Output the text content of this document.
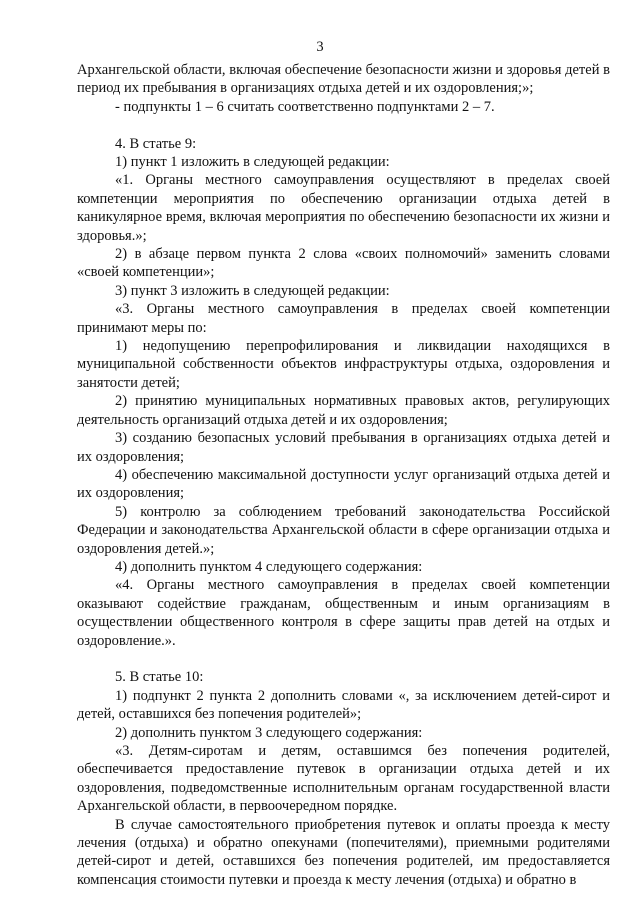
3

Архангельской области, включая обеспечение безопасности жизни и здоровья детей в период их пребывания в организациях отдыха детей и их оздоровления;»;

- подпункты 1 – 6 считать соответственно подпунктами 2 – 7.

4. В статье 9:

1) пункт 1 изложить в следующей редакции:

«1. Органы местного самоуправления осуществляют в пределах своей компетенции мероприятия по обеспечению организации отдыха детей в каникулярное время, включая мероприятия по обеспечению безопасности их жизни и здоровья.»;

2) в абзаце первом пункта 2 слова «своих полномочий» заменить словами «своей компетенции»;

3) пункт 3 изложить в следующей редакции:

«3. Органы местного самоуправления в пределах своей компетенции принимают меры по:

1) недопущению перепрофилирования и ликвидации находящихся в муниципальной собственности объектов инфраструктуры отдыха, оздоровления и занятости детей;

2) принятию муниципальных нормативных правовых актов, регулирующих деятельность организаций отдыха детей и их оздоровления;

3) созданию безопасных условий пребывания в организациях отдыха детей и их оздоровления;

4) обеспечению максимальной доступности услуг организаций отдыха детей и их оздоровления;

5) контролю за соблюдением требований законодательства Российской Федерации и законодательства Архангельской области в сфере организации отдыха и оздоровления детей.»;

4) дополнить пунктом 4 следующего содержания:

«4. Органы местного самоуправления в пределах своей компетенции оказывают содействие гражданам, общественным и иным организациям в осуществлении общественного контроля в сфере защиты прав детей на отдых и оздоровление.».

5. В статье 10:

1) подпункт 2 пункта 2 дополнить словами «, за исключением детей-сирот и детей, оставшихся без попечения родителей»;

2) дополнить пунктом 3 следующего содержания:

«3. Детям-сиротам и детям, оставшимся без попечения родителей, обеспечивается предоставление путевок в организации отдыха детей и их оздоровления, подведомственные исполнительным органам государственной власти Архангельской области, в первоочередном порядке.

В случае самостоятельного приобретения путевок и оплаты проезда к месту лечения (отдыха) и обратно опекунами (попечителями), приемными родителями детей-сирот и детей, оставшихся без попечения родителей, им предоставляется компенсация стоимости путевки и проезда к месту лечения (отдыха) и обратно в
